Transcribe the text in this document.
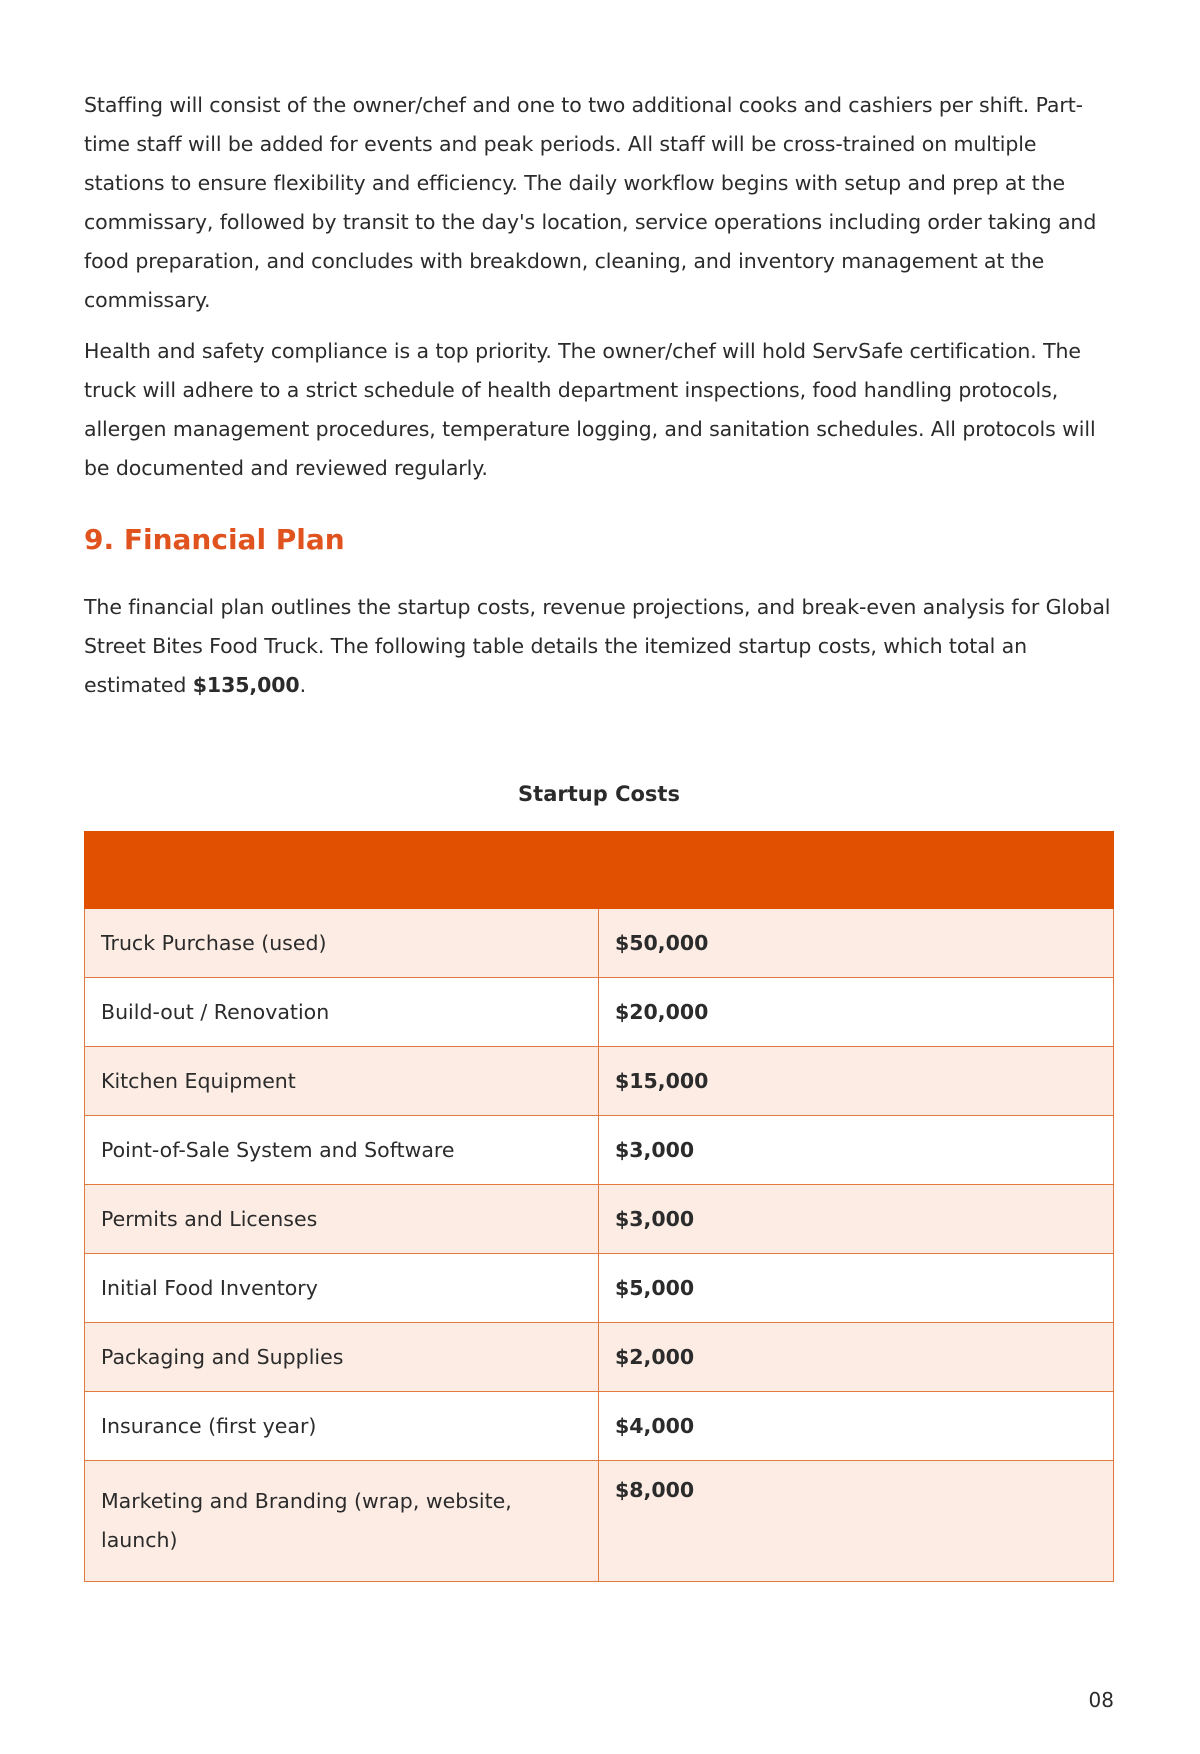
Staffing will consist of the owner/chef and one to two additional cooks and cashiers per shift. Part-time staff will be added for events and peak periods. All staff will be cross-trained on multiple stations to ensure flexibility and efficiency. The daily workflow begins with setup and prep at the commissary, followed by transit to the day's location, service operations including order taking and food preparation, and concludes with breakdown, cleaning, and inventory management at the commissary.

Health and safety compliance is a top priority. The owner/chef will hold ServSafe certification. The truck will adhere to a strict schedule of health department inspections, food handling protocols, allergen management procedures, temperature logging, and sanitation schedules. All protocols will be documented and reviewed regularly.

9. Financial Plan

The financial plan outlines the startup costs, revenue projections, and break-even analysis for Global Street Bites Food Truck. The following table details the itemized startup costs, which total an estimated $135,000.

Startup Costs

Truck Purchase (used)	$50,000
Build-out / Renovation	$20,000
Kitchen Equipment	$15,000
Point-of-Sale System and Software	$3,000
Permits and Licenses	$3,000
Initial Food Inventory	$5,000
Packaging and Supplies	$2,000
Insurance (first year)	$4,000
Marketing and Branding (wrap, website, launch)	$8,000
08
